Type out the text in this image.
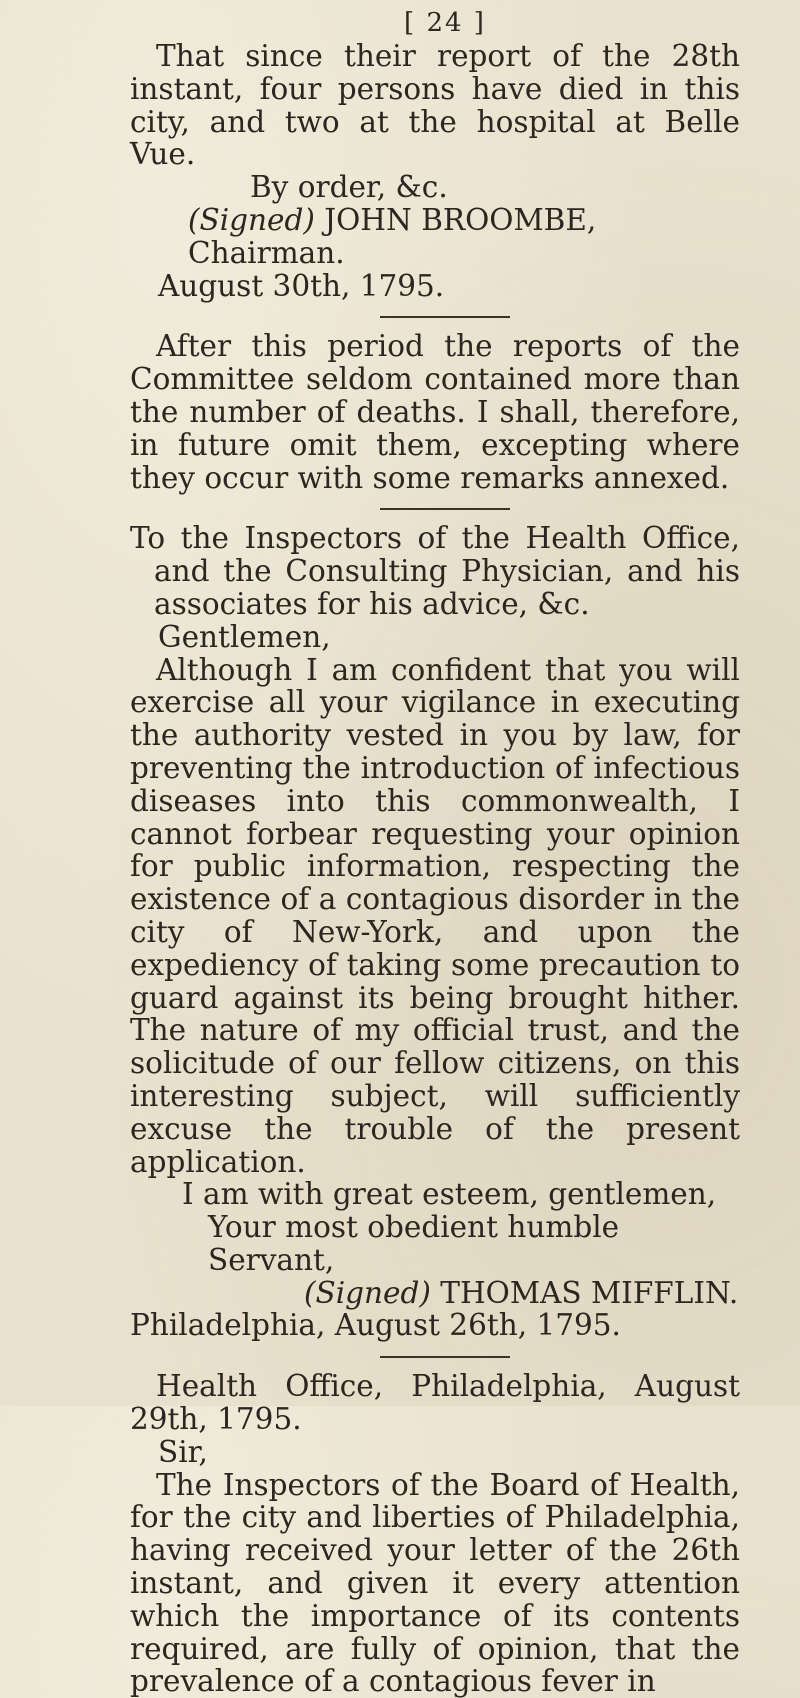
[ 24 ]

That since their report of the 28th instant, four persons have died in this city, and two at the hospital at Belle Vue.

By order, &c.

(Signed) JOHN BROOMBE, Chairman.

August 30th, 1795.

After this period the reports of the Committee seldom contained more than the number of deaths. I shall, therefore, in future omit them, excepting where they occur with some remarks annexed.

To the Inspectors of the Health Office, and the Consulting Physician, and his associates for his advice, &c.

Gentlemen,

Although I am confident that you will exercise all your vigilance in executing the authority vested in you by law, for preventing the introduction of infectious diseases into this commonwealth, I cannot forbear requesting your opinion for public information, respecting the existence of a contagious disorder in the city of New-York, and upon the expediency of taking some precaution to guard against its being brought hither. The nature of my official trust, and the solicitude of our fellow citizens, on this interesting subject, will sufficiently excuse the trouble of the present application.

I am with great esteem, gentlemen,

Your most obedient humble Servant,

(Signed) THOMAS MIFFLIN.

Philadelphia, August 26th, 1795.

Health Office, Philadelphia, August 29th, 1795.

Sir,

The Inspectors of the Board of Health, for the city and liberties of Philadelphia, having received your letter of the 26th instant, and given it every attention which the importance of its contents required, are fully of opinion, that the prevalence of a contagious fever in
